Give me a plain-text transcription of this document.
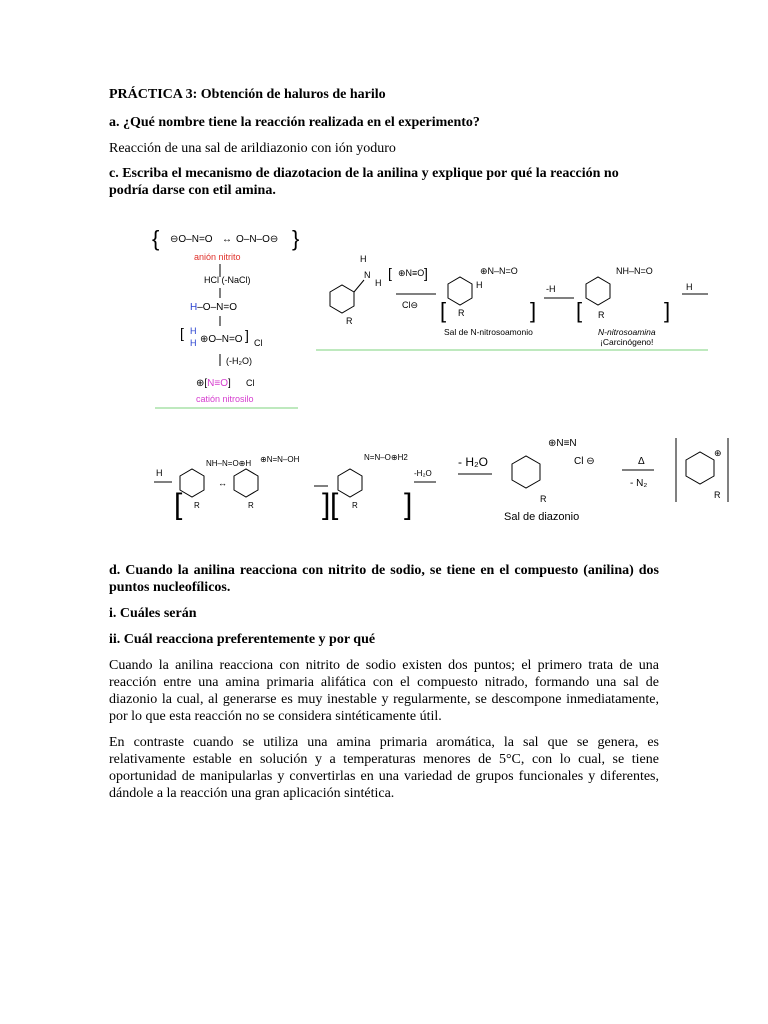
PRÁCTICA 3: Obtención de haluros de harilo
a. ¿Qué nombre tiene la reacción realizada en el experimento?
Reacción de una sal de arildiazonio con ión yoduro
c. Escriba el mecanismo de diazotacion de la anilina y explique por qué la reacción no podría darse con etil amina.
{	}
⊖O–N=O ↔ O–N–O⊖
anión nitrito
HCl (-NaCl)
H–O–N=O
[ H
H ⊕O–N=O ] Cl
(-H₂O)
⊕[N≡O] Cl
catión nitrosilo
N
H
H
R
[ ⊕N≡O ]
Cl⊖ [
⊕N–N=O
H
R	]
Sal de N-nitrosoamonio
-H
[
NH–N=O
R	]
N-nitrosoamina
¡Carcinógeno!
H
H
[
NH–N=O⊕H
R
↔
⊕N=N–OH
R ] [
N=N–O⊕H2
R ]
-H₂O
- H₂O
⊕N≡N
Cl ⊖
R
Sal de diazonio
Δ
- N₂
⊕
R
d. Cuando la anilina reacciona con nitrito de sodio, se tiene en el compuesto (anilina) dos puntos nucleofílicos.
i. Cuáles serán
ii. Cuál reacciona preferentemente y por qué
Cuando la anilina reacciona con nitrito de sodio existen dos puntos; el primero trata de una reacción entre una amina primaria alifática con el compuesto nitrado, formando una sal de diazonio la cual, al generarse es muy inestable y regularmente, se descompone inmediatamente, por lo que esta reacción no se considera sintéticamente útil.
En contraste cuando se utiliza una amina primaria aromática, la sal que se genera, es relativamente estable en solución y a temperaturas menores de 5°C, con lo cual, se tiene oportunidad de manipularlas y convertirlas en una variedad de grupos funcionales y diferentes, dándole a la reacción una gran aplicación sintética.
